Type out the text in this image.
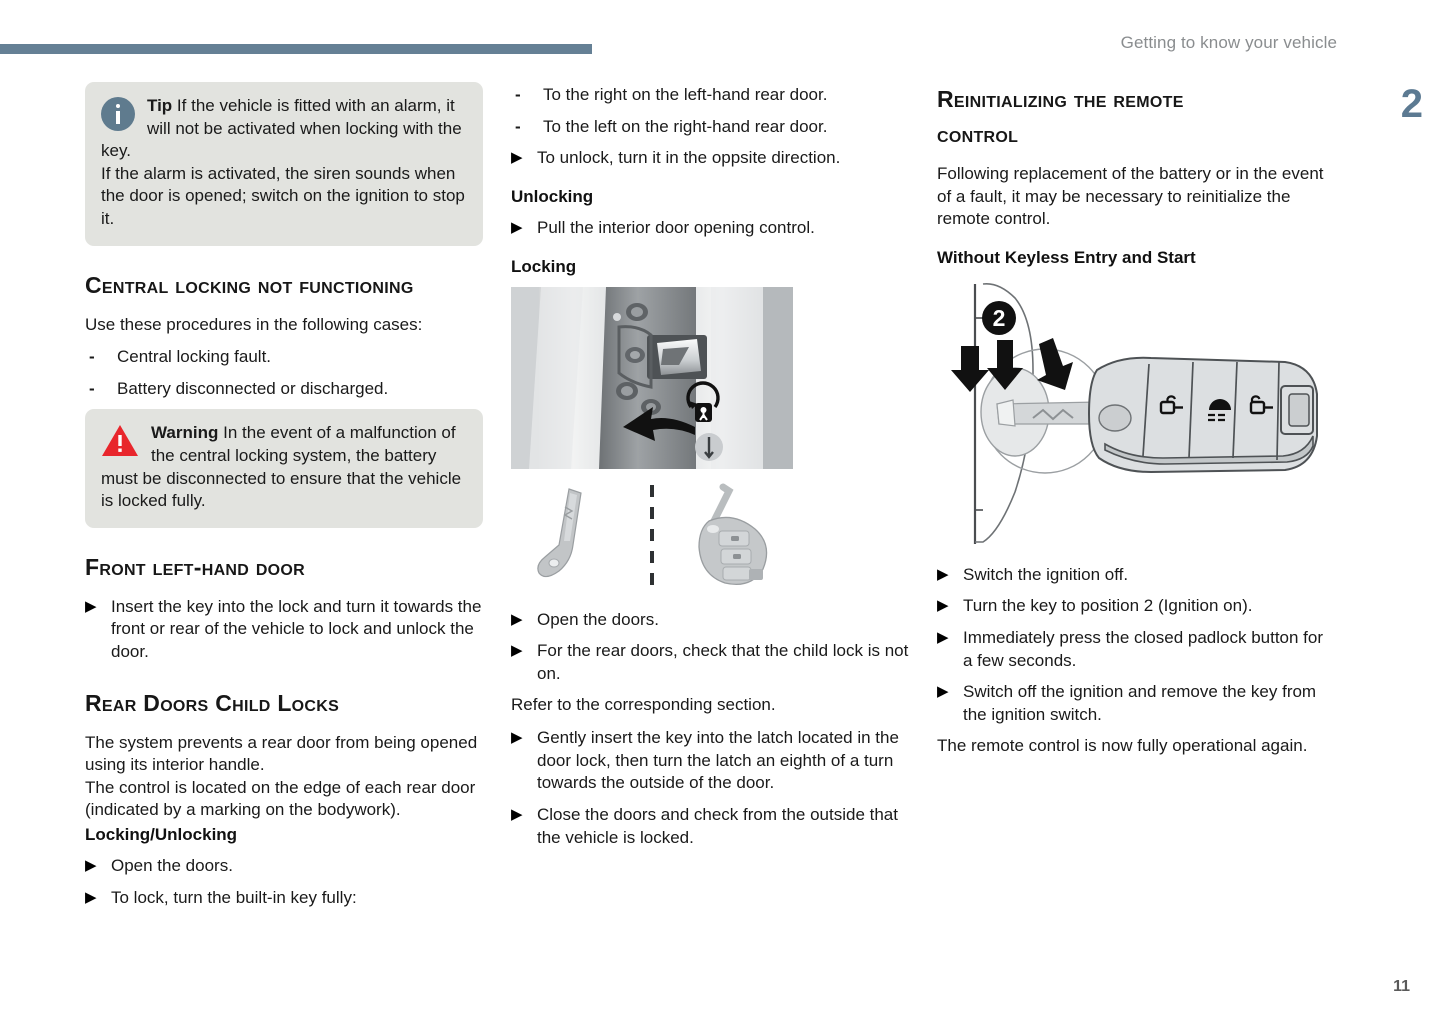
Getting to know your vehicle
2
11
Tip If the vehicle is fitted with an alarm, it will not be activated when locking with the key.
If the alarm is activated, the siren sounds when the door is opened; switch on the ignition to stop it.
Central locking not functioning

Use these procedures in the following cases:

-	Central locking fault.
-	Battery disconnected or discharged.
Warning In the event of a malfunction of the central locking system, the battery must be disconnected to ensure that the vehicle is locked fully.
Front left-hand door
▶ Insert the key into the lock and turn it towards the front or rear of the vehicle to lock and unlock the door.
Rear Doors Child Locks

The system prevents a rear door from being opened using its interior handle.

The control is located on the edge of each rear door (indicated by a marking on the bodywork).

Locking/Unlocking
▶ Open the doors.
▶ To lock, turn the built-in key fully:
-	To the right on the left-hand rear door.
-	To the left on the right-hand rear door.
▶ To unlock, turn it in the oppsite direction.
Unlocking
▶ Pull the interior door opening control.
Locking
▶ Open the doors.
▶ For the rear doors, check that the child lock is not on.

Refer to the corresponding section.

▶ Gently insert the key into the latch located in the door lock, then turn the latch an eighth of a turn towards the outside of the door.
▶ Close the doors and check from the outside that the vehicle is locked.
Reinitializing the remote control

Following replacement of the battery or in the event of a fault, it may be necessary to reinitialize the remote control.

Without Keyless Entry and Start
2
▶ Switch the ignition off.
▶ Turn the key to position 2 (Ignition on).
▶ Immediately press the closed padlock button for a few seconds.
▶ Switch off the ignition and remove the key from the ignition switch.

The remote control is now fully operational again.
